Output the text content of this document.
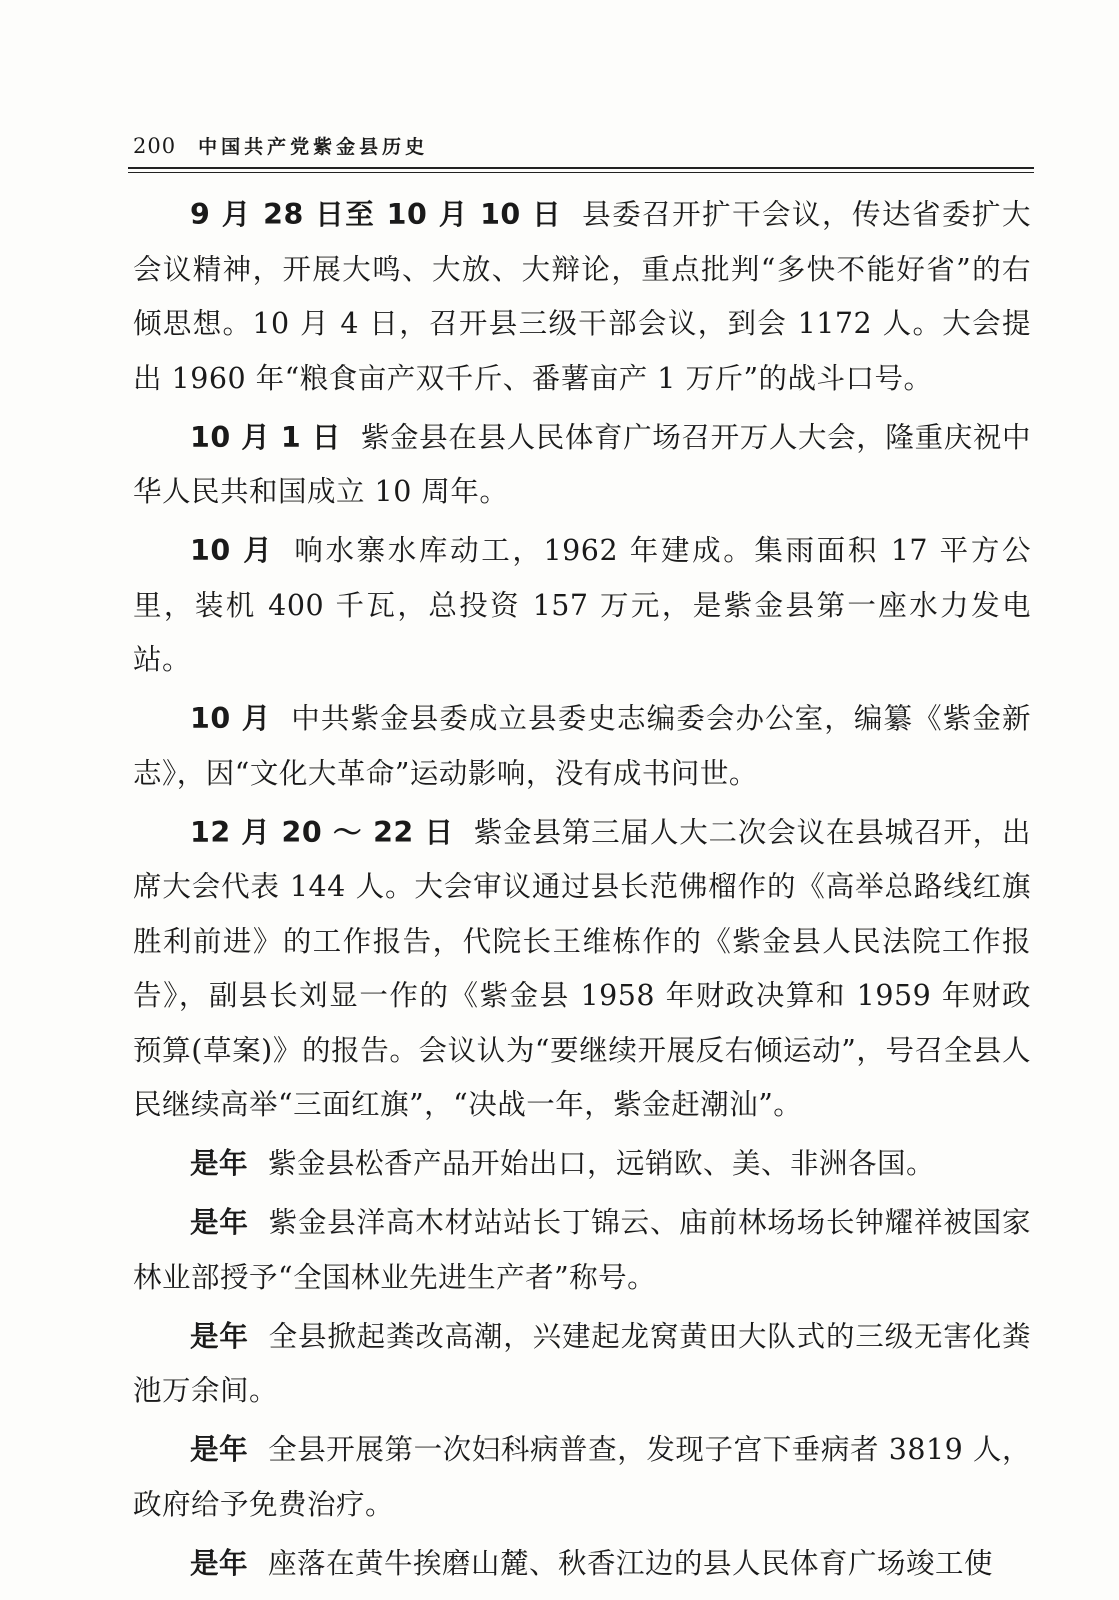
200 中国共产党紫金县历史

9 月 28 日至 10 月 10 日 县委召开扩干会议，传达省委扩大会议精神，开展大鸣、大放、大辩论，重点批判“多快不能好省”的右倾思想。10 月 4 日，召开县三级干部会议，到会 1172 人。大会提出 1960 年“粮食亩产双千斤、番薯亩产 1 万斤”的战斗口号。

10 月 1 日 紫金县在县人民体育广场召开万人大会，隆重庆祝中华人民共和国成立 10 周年。

10 月 响水寨水库动工，1962 年建成。集雨面积 17 平方公里，装机 400 千瓦，总投资 157 万元，是紫金县第一座水力发电站。

10 月 中共紫金县委成立县委史志编委会办公室，编纂《紫金新志》，因“文化大革命”运动影响，没有成书问世。

12 月 20 ～ 22 日 紫金县第三届人大二次会议在县城召开，出席大会代表 144 人。大会审议通过县长范佛榴作的《高举总路线红旗胜利前进》的工作报告，代院长王维栋作的《紫金县人民法院工作报告》，副县长刘显一作的《紫金县 1958 年财政决算和 1959 年财政预算(草案)》的报告。会议认为“要继续开展反右倾运动”，号召全县人民继续高举“三面红旗”，“决战一年，紫金赶潮汕”。

是年 紫金县松香产品开始出口，远销欧、美、非洲各国。

是年 紫金县洋高木材站站长丁锦云、庙前林场场长钟耀祥被国家林业部授予“全国林业先进生产者”称号。

是年 全县掀起粪改高潮，兴建起龙窝黄田大队式的三级无害化粪池万余间。

是年 全县开展第一次妇科病普查，发现子宫下垂病者 3819 人，政府给予免费治疗。

是年 座落在黄牛挨磨山麓、秋香江边的县人民体育广场竣工使
